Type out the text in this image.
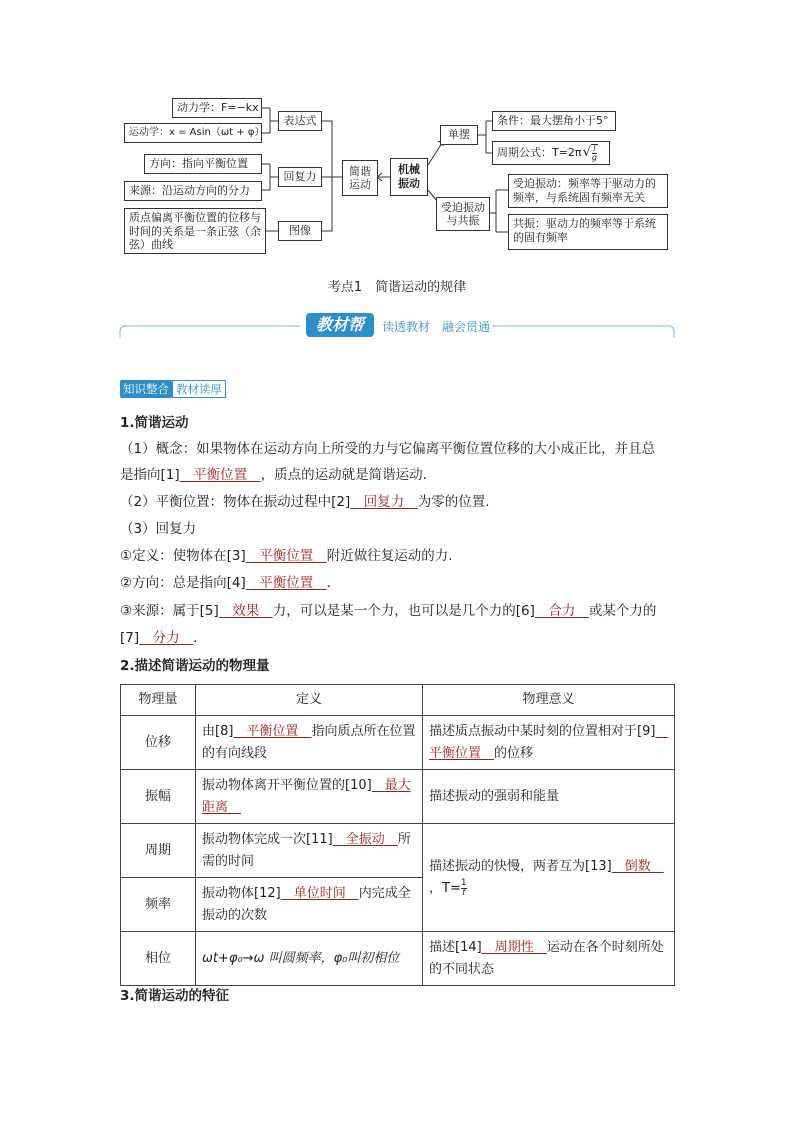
动力学：F=−kx
运动学：x = Asin（ωt + φ）
表达式
方向：指向平衡位置
来源：沿运动方向的分力
回复力
质点偏离平衡位置的位移与时间的关系是一条正弦（余弦）曲线
图像
简谐运动
机械振动
单摆
条件：最大摆角小于5°
周期公式：T=2π √ l
g
受迫振动与共振
受迫振动：频率等于驱动力的频率，与系统固有频率无关
共振：驱动力的频率等于系统的固有频率
考点1　简谐运动的规律
教材帮	读透教材　融会贯通
知识整合 教材读厚
1.简谐运动
（1）概念：如果物体在运动方向上所受的力与它偏离平衡位置位移的大小成正比，并且总
是指向[1]　平衡位置　，质点的运动就是简谐运动.
（2）平衡位置：物体在振动过程中[2]　回复力　为零的位置.
（3）回复力
①定义：使物体在[3]　平衡位置　附近做往复运动的力.
②方向：总是指向[4]　平衡位置　.
③来源：属于[5]　效果　力，可以是某一个力，也可以是几个力的[6]　合力　或某个力的
[7]　分力　.
2.描述简谐运动的物理量
物理量	定义	物理意义
位移	由[8]　平衡位置　指向质点所在位置的有向线段	描述质点振动中某时刻的位置相对于[9]　平衡位置　的位移
振幅	振动物体离开平衡位置的[10]　最大距离　	描述振动的强弱和能量
周期	振动物体完成一次[11]　全振动　所需的时间	描述振动的快慢，两者互为[13]　倒数　，$T= \frac{1}{f}$

频率	振动物体[12]　单位时间　内完成全振动的次数	
相位	ωt+φ₀→ω 叫圆频率，φ₀叫初相位	描述[14]　周期性　运动在各个时刻所处的不同状态
3.简谐运动的特征
